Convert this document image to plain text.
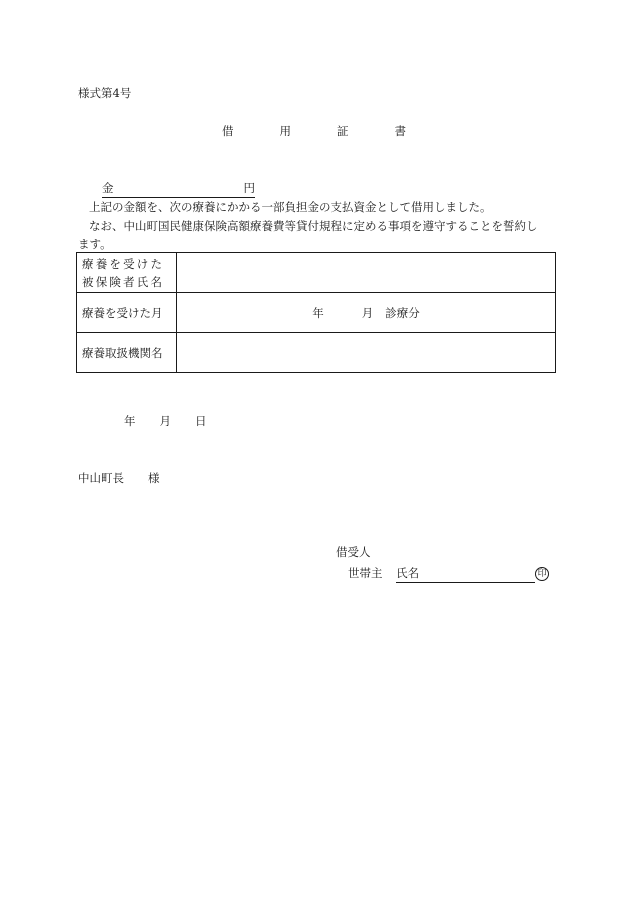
様式第4号
借	用	証	書
金	円
上記の金額を、次の療養にかかる一部負担金の支払資金として借用しました。
なお、中山町国民健康保険高額療養費等貸付規程に定める事項を遵守することを誓約し
ます。
療養を受けた
被保険者氏名	

療養を受けた月	年 月 診療分
療養取扱機関名	
年 月 日
中山町長 様
借受人
世帯主 氏名	印
